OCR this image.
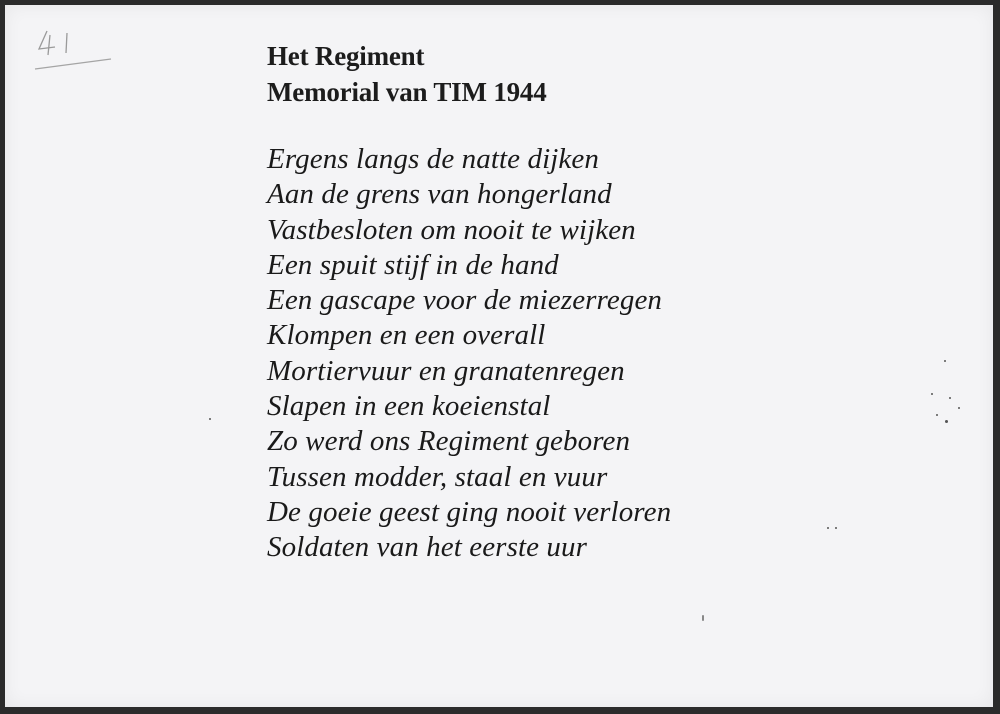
Het Regiment
Memorial van TIM 1944
Ergens langs de natte dijken
Aan de grens van hongerland
Vastbesloten om nooit te wijken
Een spuit stijf in de hand
Een gascape voor de miezerregen
Klompen en een overall
Mortiervuur en granatenregen
Slapen in een koeienstal
Zo werd ons Regiment geboren
Tussen modder, staal en vuur
De goeie geest ging nooit verloren
Soldaten van het eerste uur
